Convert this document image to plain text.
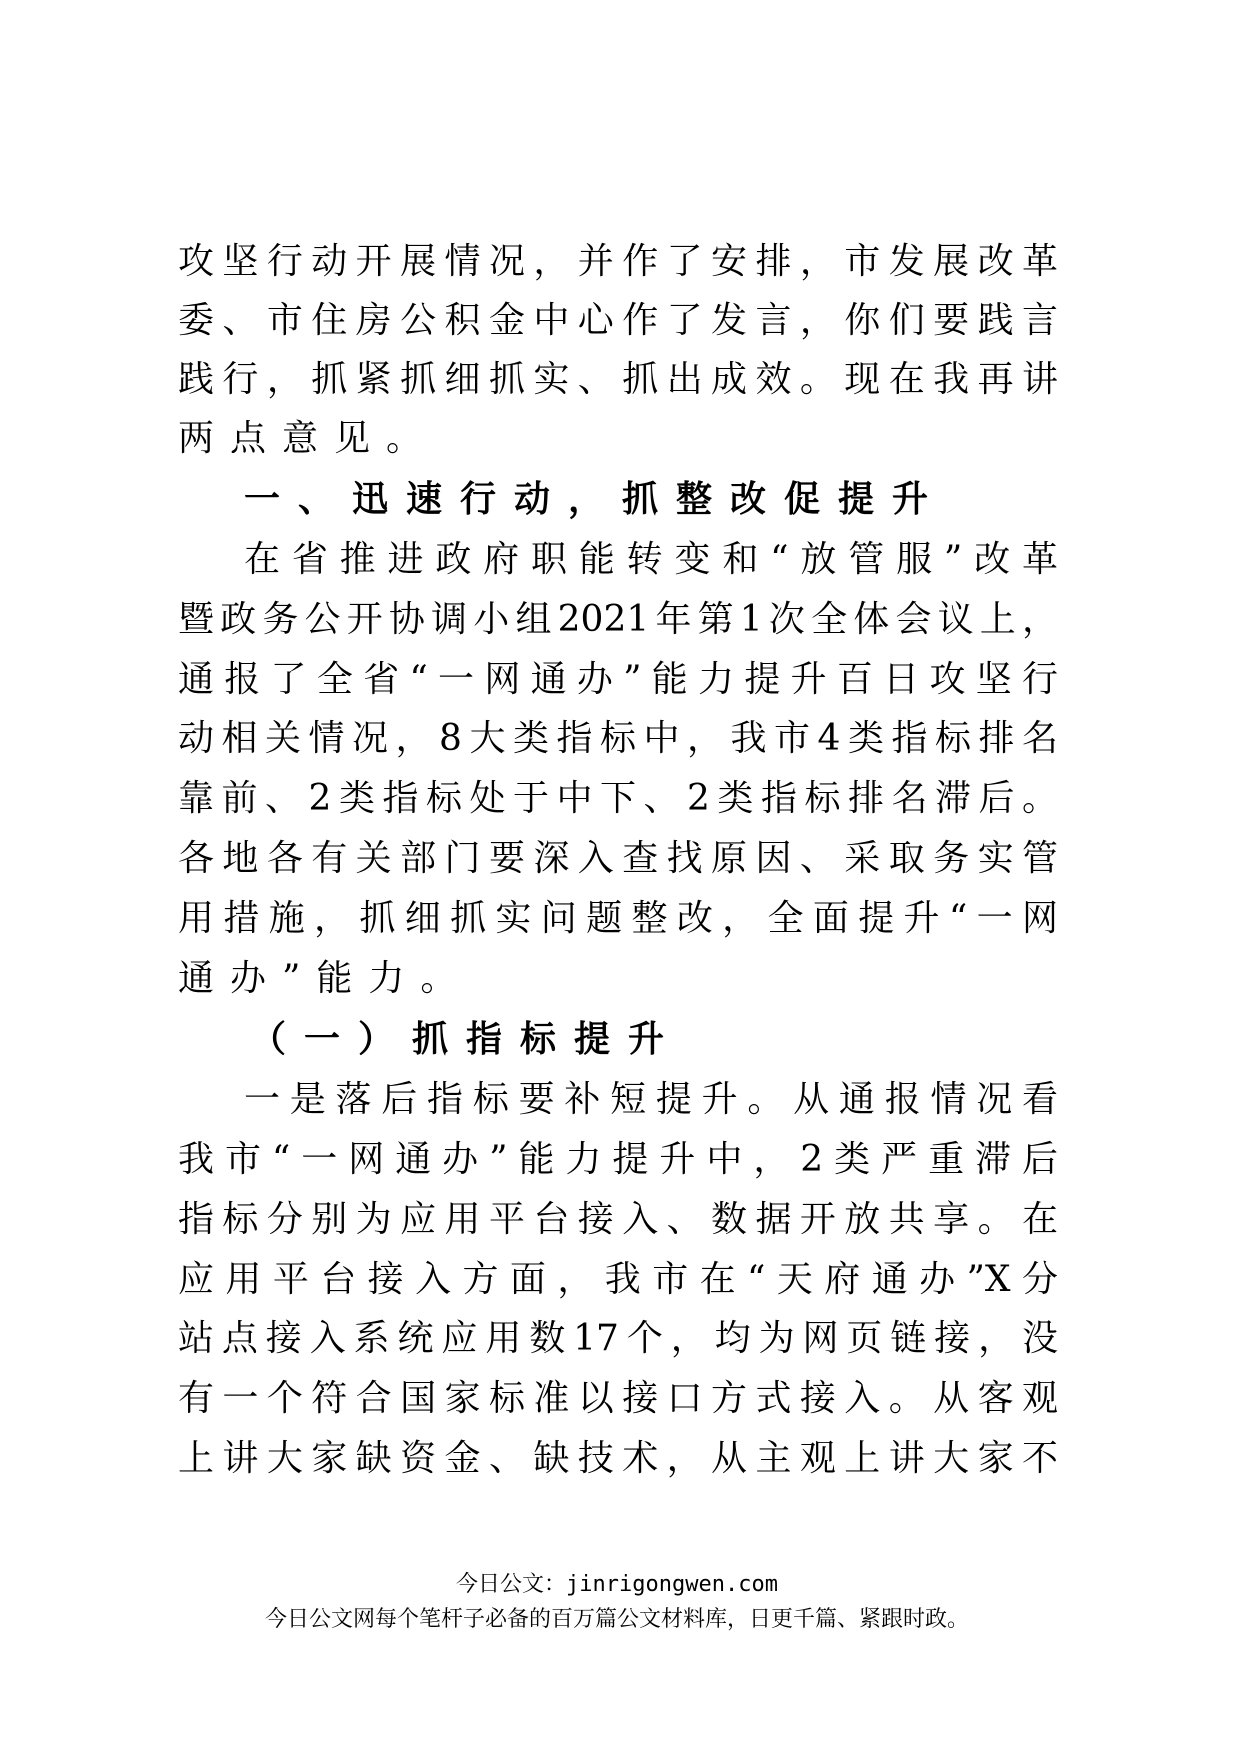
攻坚行动开展情况，并作了安排，市发展改革
委、市住房公积金中心作了发言，你们要践言
践行，抓紧抓细抓实、抓出成效。现在我再讲
两点意见。
一、迅速行动，抓整改促提升
在省推进政府职能转变和“放管服”改革
暨政务公开协调小组2021年第1次全体会议上，
通报了全省“一网通办”能力提升百日攻坚行
动相关情况，8大类指标中，我市4类指标排名
靠前、2类指标处于中下、2类指标排名滞后。
各地各有关部门要深入查找原因、采取务实管
用措施，抓细抓实问题整改，全面提升“一网
通办”能力。
（一）抓指标提升
一是落后指标要补短提升。从通报情况看
我市“一网通办”能力提升中，2类严重滞后
指标分别为应用平台接入、数据开放共享。在
应用平台接入方面，我市在“天府通办”X分
站点接入系统应用数17个，均为网页链接，没
有一个符合国家标准以接口方式接入。从客观
上讲大家缺资金、缺技术，从主观上讲大家不
今日公文：jinrigongwen.com
今日公文网每个笔杆子必备的百万篇公文材料库，日更千篇、紧跟时政。
